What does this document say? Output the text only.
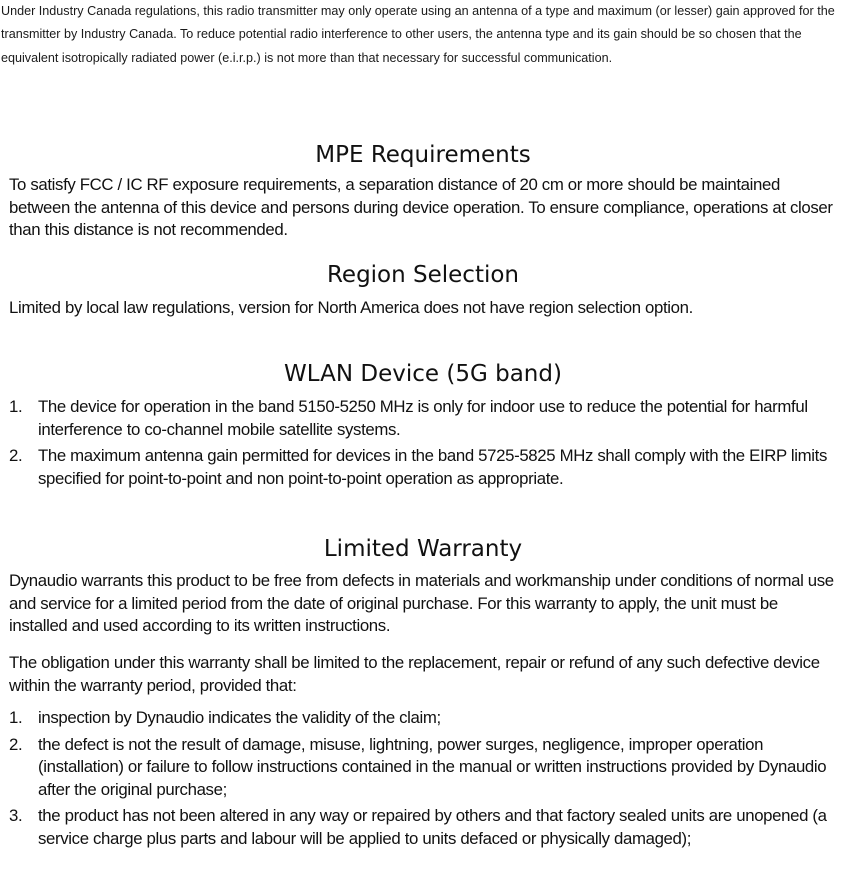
Under Industry Canada regulations, this radio transmitter may only operate using an antenna of a type and maximum (or lesser) gain approved for the transmitter by Industry Canada. To reduce potential radio interference to other users, the antenna type and its gain should be so chosen that the equivalent isotropically radiated power (e.i.r.p.) is not more than that necessary for successful communication.

MPE Requirements

To satisfy FCC / IC RF exposure requirements, a separation distance of 20 cm or more should be maintained between the antenna of this device and persons during device operation. To ensure compliance, operations at closer than this distance is not recommended.

Region Selection

Limited by local law regulations, version for North America does not have region selection option.

WLAN Device (5G band)
1. The device for operation in the band 5150-5250 MHz is only for indoor use to reduce the potential for harmful interference to co-channel mobile satellite systems.
2. The maximum antenna gain permitted for devices in the band 5725-5825 MHz shall comply with the EIRP limits specified for point-to-point and non point-to-point operation as appropriate.
Limited Warranty

Dynaudio warrants this product to be free from defects in materials and workmanship under conditions of normal use and service for a limited period from the date of original purchase. For this warranty to apply, the unit must be installed and used according to its written instructions.

The obligation under this warranty shall be limited to the replacement, repair or refund of any such defective device within the warranty period, provided that:

1. inspection by Dynaudio indicates the validity of the claim;
2. the defect is not the result of damage, misuse, lightning, power surges, negligence, improper operation (installation) or failure to follow instructions contained in the manual or written instructions provided by Dynaudio after the original purchase;
3. the product has not been altered in any way or repaired by others and that factory sealed units are unopened (a service charge plus parts and labour will be applied to units defaced or physically damaged);
